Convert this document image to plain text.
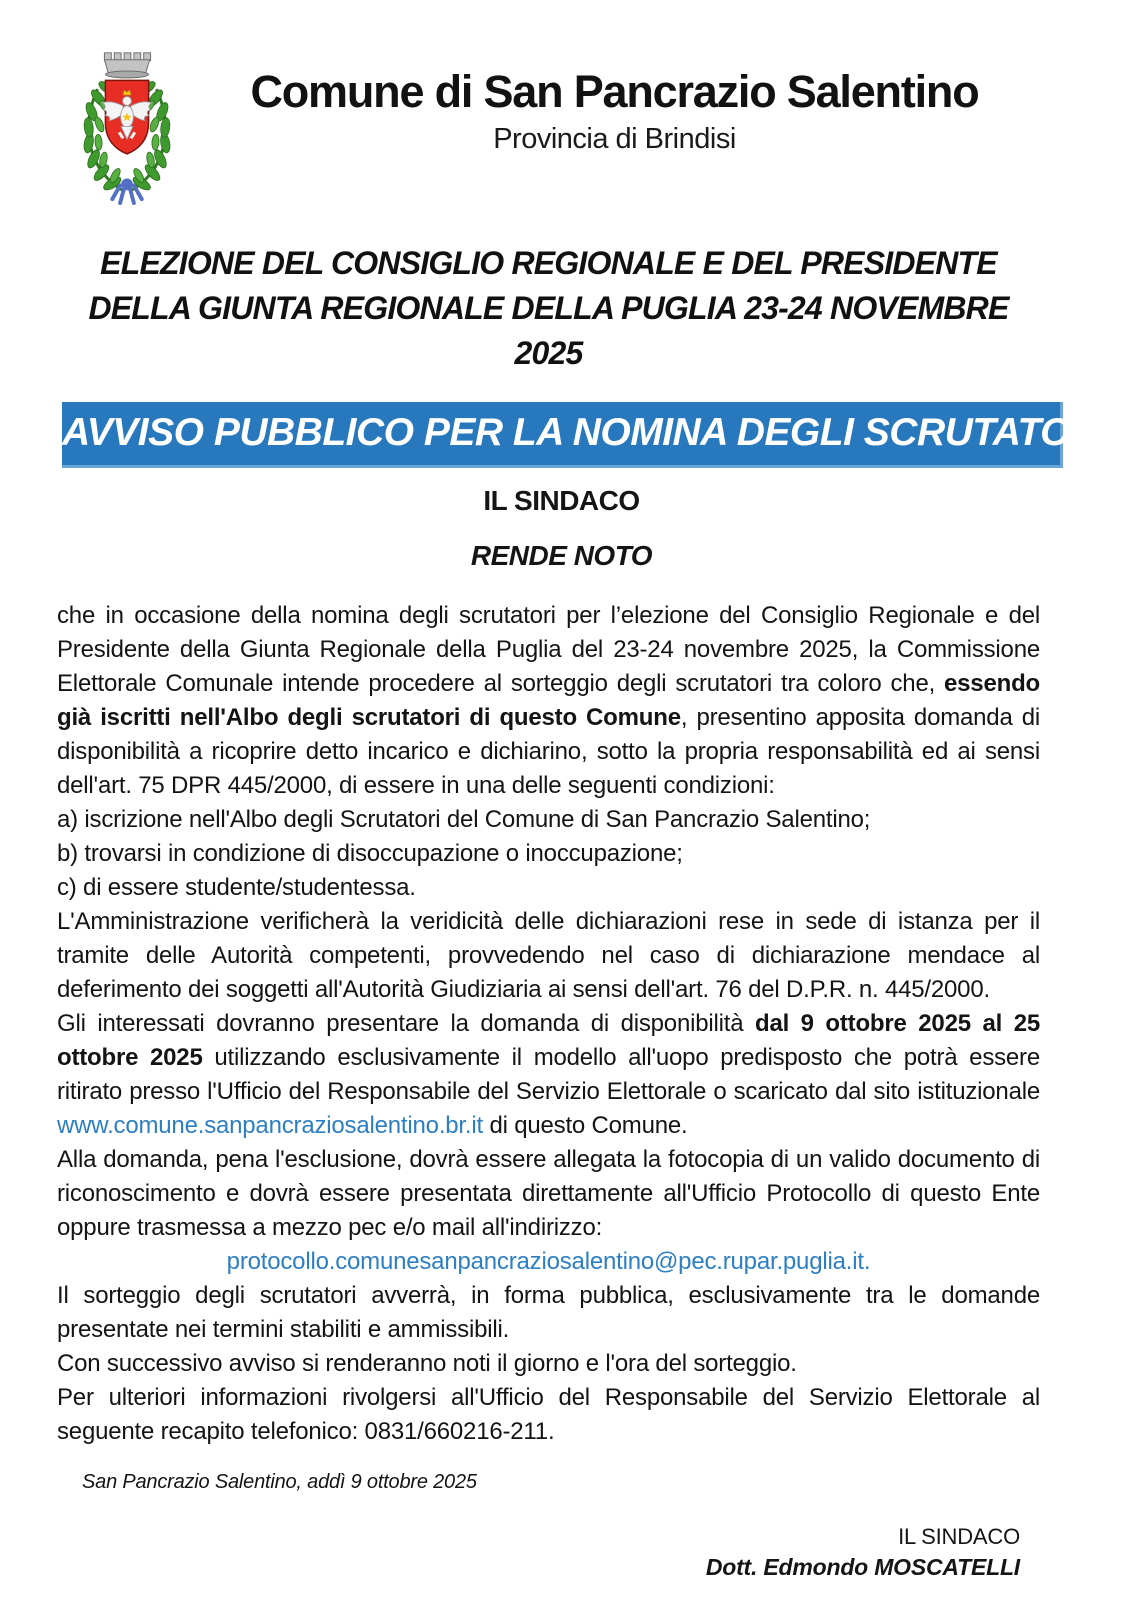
Comune di San Pancrazio Salentino
Provincia di Brindisi
ELEZIONE DEL CONSIGLIO REGIONALE E DEL PRESIDENTE DELLA GIUNTA REGIONALE DELLA PUGLIA 23-24 NOVEMBRE 2025
AVVISO PUBBLICO PER LA NOMINA DEGLI SCRUTATORI
IL SINDACO
RENDE NOTO

che in occasione della nomina degli scrutatori per l’elezione del Consiglio Regionale e del Presidente della Giunta Regionale della Puglia del 23-24 novembre 2025, la Commissione Elettorale Comunale intende procedere al sorteggio degli scrutatori tra coloro che, essendo già iscritti nell'Albo degli scrutatori di questo Comune, presentino apposita domanda di disponibilità a ricoprire detto incarico e dichiarino, sotto la propria responsabilità ed ai sensi dell'art. 75 DPR 445/2000, di essere in una delle seguenti condizioni:

a) iscrizione nell'Albo degli Scrutatori del Comune di San Pancrazio Salentino;

b) trovarsi in condizione di disoccupazione o inoccupazione;

c) di essere studente/studentessa.

L'Amministrazione verificherà la veridicità delle dichiarazioni rese in sede di istanza per il tramite delle Autorità competenti, provvedendo nel caso di dichiarazione mendace al deferimento dei soggetti all'Autorità Giudiziaria ai sensi dell'art. 76 del D.P.R. n. 445/2000.

Gli interessati dovranno presentare la domanda di disponibilità dal 9 ottobre 2025 al 25 ottobre 2025 utilizzando esclusivamente il modello all'uopo predisposto che potrà essere ritirato presso l'Ufficio del Responsabile del Servizio Elettorale o scaricato dal sito istituzionale www.comune.sanpancraziosalentino.br.it di questo Comune.

Alla domanda, pena l'esclusione, dovrà essere allegata la fotocopia di un valido documento di riconoscimento e dovrà essere presentata direttamente all'Ufficio Protocollo di questo Ente oppure trasmessa a mezzo pec e/o mail all'indirizzo:

protocollo.comunesanpancraziosalentino@pec.rupar.puglia.it.

Il sorteggio degli scrutatori avverrà, in forma pubblica, esclusivamente tra le domande presentate nei termini stabiliti e ammissibili.

Con successivo avviso si renderanno noti il giorno e l'ora del sorteggio.

Per ulteriori informazioni rivolgersi all'Ufficio del Responsabile del Servizio Elettorale al seguente recapito telefonico: 0831/660216-211.

San Pancrazio Salentino, addì 9 ottobre 2025
IL SINDACO
Dott. Edmondo MOSCATELLI
